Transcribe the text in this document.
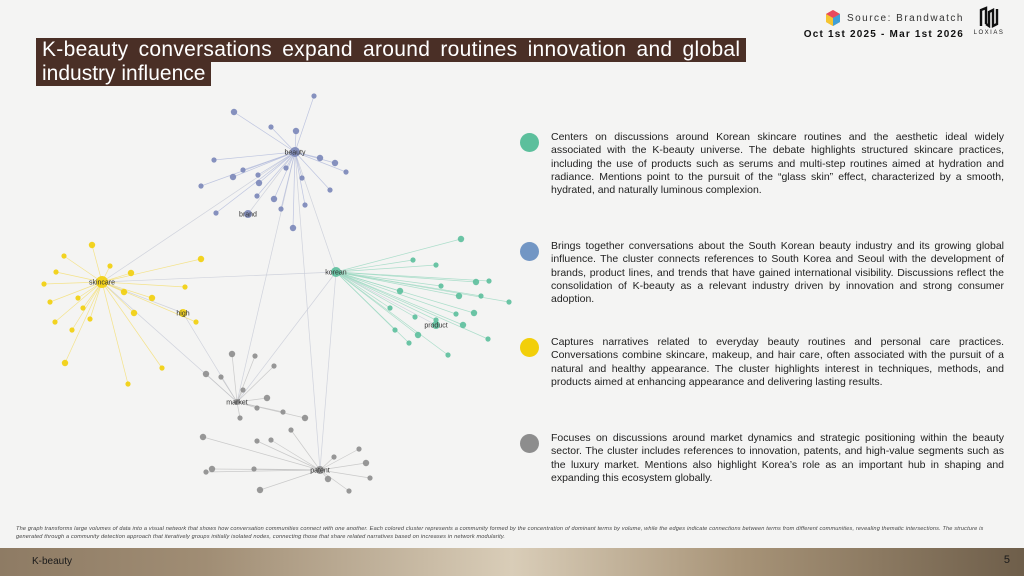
K-beauty conversations expand around routines innovation and global
industry influence
Source: Brandwatch
Oct 1st 2025 - Mar 1st 2026 LOXIAS
beauty
brand
skincare
high
korean
product
market
patent
Centers on discussions around Korean skincare routines and the aesthetic ideal widely associated with the K-beauty universe. The debate highlights structured skincare practices, including the use of products such as serums and multi-step routines aimed at hydration and radiance. Mentions point to the pursuit of the “glass skin” effect, characterized by a smooth, hydrated, and naturally luminous complexion.
Brings together conversations about the South Korean beauty industry and its growing global influence. The cluster connects references to South Korea and Seoul with the development of brands, product lines, and trends that have gained international visibility. Discussions reflect the consolidation of K-beauty as a relevant industry driven by innovation and strong consumer adoption.
Captures narratives related to everyday beauty routines and personal care practices. Conversations combine skincare, makeup, and hair care, often associated with the pursuit of a natural and healthy appearance. The cluster highlights interest in techniques, methods, and products aimed at enhancing appearance and delivering lasting results.
Focuses on discussions around market dynamics and strategic positioning within the beauty sector. The cluster includes references to innovation, patents, and high-value segments such as the luxury market. Mentions also highlight Korea’s role as an important hub in shaping and expanding this ecosystem globally.
The graph transforms large volumes of data into a visual network that shows how conversation communities connect with one another. Each colored cluster represents a community formed by the concentration of dominant terms by volume, while the edges indicate connections between terms from different communities, revealing thematic intersections. The structure is generated through a community detection approach that iteratively groups initially isolated nodes, connecting those that share related narratives based on increases in network modularity.
K-beauty	5
